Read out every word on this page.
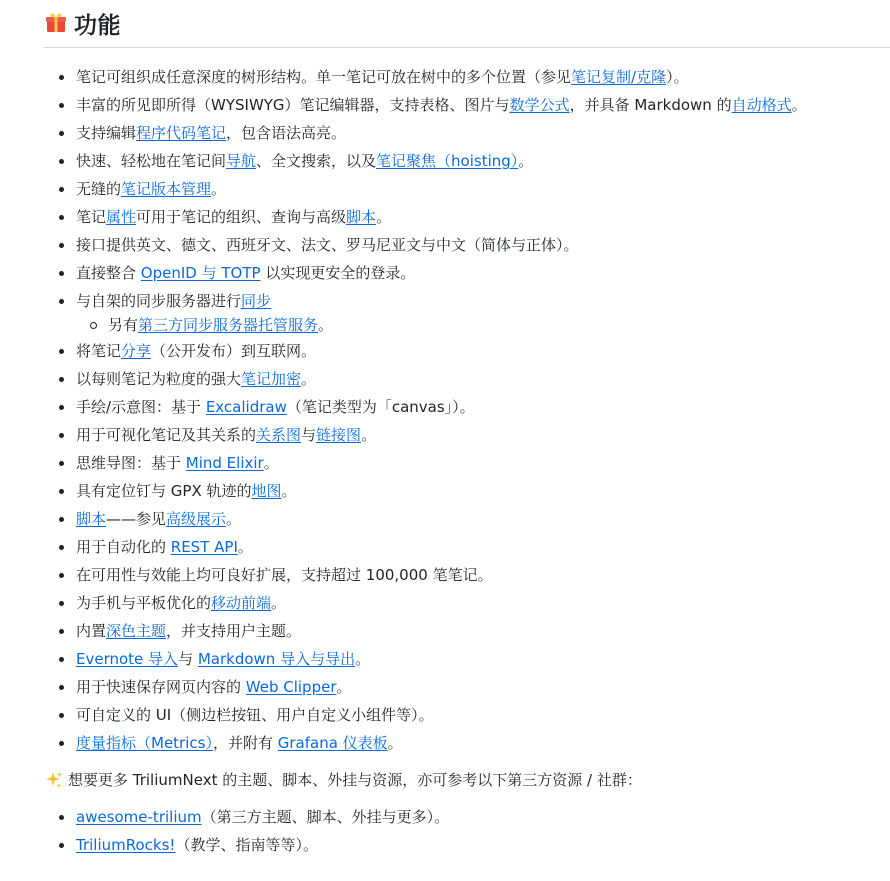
功能
笔记可组织成任意深度的树形结构。单一笔记可放在树中的多个位置（参见笔记复制/克隆）。
丰富的所见即所得（WYSIWYG）笔记编辑器，支持表格、图片与数学公式，并具备 Markdown 的自动格式。
支持编辑程序代码笔记，包含语法高亮。
快速、轻松地在笔记间导航、全文搜索，以及笔记聚焦（hoisting）。
无缝的笔记版本管理。
笔记属性可用于笔记的组织、查询与高级脚本。
接口提供英文、德文、西班牙文、法文、罗马尼亚文与中文（简体与正体）。
直接整合 OpenID 与 TOTP 以实现更安全的登录。
与自架的同步服务器进行同步
另有第三方同步服务器托管服务。
将笔记分享（公开发布）到互联网。
以每则笔记为粒度的强大笔记加密。
手绘/示意图：基于 Excalidraw（笔记类型为「canvas」）。
用于可视化笔记及其关系的关系图与链接图。
思维导图：基于 Mind Elixir。
具有定位钉与 GPX 轨迹的地图。
脚本——参见高级展示。
用于自动化的 REST API。
在可用性与效能上均可良好扩展，支持超过 100,000 笔笔记。
为手机与平板优化的移动前端。
内置深色主题，并支持用户主题。
Evernote 导入与 Markdown 导入与导出。
用于快速保存网页内容的 Web Clipper。
可自定义的 UI（侧边栏按钮、用户自定义小组件等）。
度量指标（Metrics），并附有 Grafana 仪表板。
想要更多 TriliumNext 的主题、脚本、外挂与资源，亦可参考以下第三方资源 / 社群：
awesome-trilium（第三方主题、脚本、外挂与更多）。
TriliumRocks!（教学、指南等等）。
